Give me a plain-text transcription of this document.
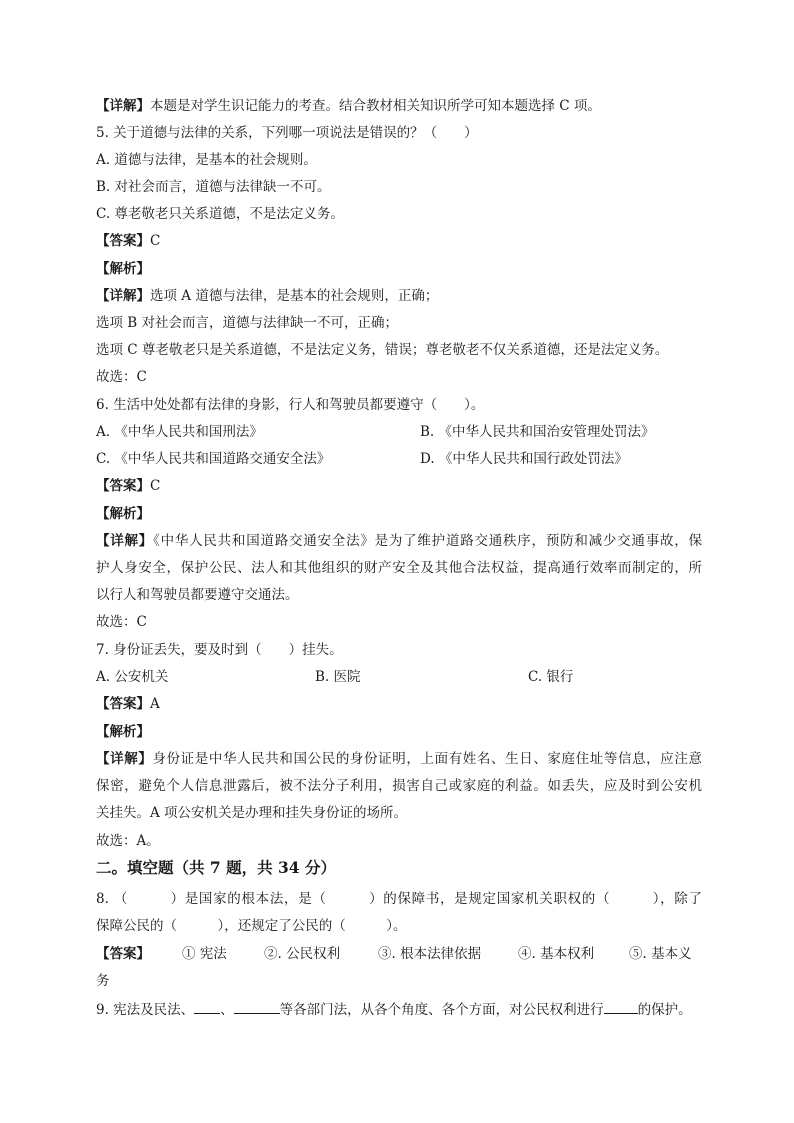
【详解】本题是对学生识记能力的考查。结合教材相关知识所学可知本题选择 C 项。
5. 关于道德与法律的关系，下列哪一项说法是错误的？（　　）
A. 道德与法律，是基本的社会规则。
B. 对社会而言，道德与法律缺一不可。
C. 尊老敬老只关系道德，不是法定义务。
【答案】C
【解析】
【详解】选项 A 道德与法律，是基本的社会规则，正确；
选项 B 对社会而言，道德与法律缺一不可，正确；
选项 C 尊老敬老只是关系道德，不是法定义务，错误；尊老敬老不仅关系道德，还是法定义务。
故选：C
6. 生活中处处都有法律的身影，行人和驾驶员都要遵守（　　）。
A. 《中华人民共和国刑法》	B. 《中华人民共和国治安管理处罚法》
C. 《中华人民共和国道路交通安全法》	D. 《中华人民共和国行政处罚法》
【答案】C
【解析】
【详解】《中华人民共和国道路交通安全法》是为了维护道路交通秩序，预防和减少交通事故，保
护人身安全，保护公民、法人和其他组织的财产安全及其他合法权益，提高通行效率而制定的，所
以行人和驾驶员都要遵守交通法。
故选：C
7. 身份证丢失，要及时到（　　）挂失。
A. 公安机关	B. 医院	C. 银行
【答案】A
【解析】
【详解】身份证是中华人民共和国公民的身份证明，上面有姓名、生日、家庭住址等信息，应注意
保密，避免个人信息泄露后，被不法分子利用，损害自己或家庭的利益。如丢失，应及时到公安机
关挂失。A 项公安机关是办理和挂失身份证的场所。
故选：A。
二。填空题（共 7 题，共 34 分）
8. （　　　）是国家的根本法，是（　　　）的保障书，是规定国家机关职权的（　　　），除了
保障公民的（　　　），还规定了公民的（　　　）。
【答案】 ① 宪法	②. 公民权利	③. 根本法律依据	④. 基本权利	⑤. 基本义
务
9. 宪法及民法、 、	等各部门法，从各个角度、各个方面，对公民权利进行	的保护。
